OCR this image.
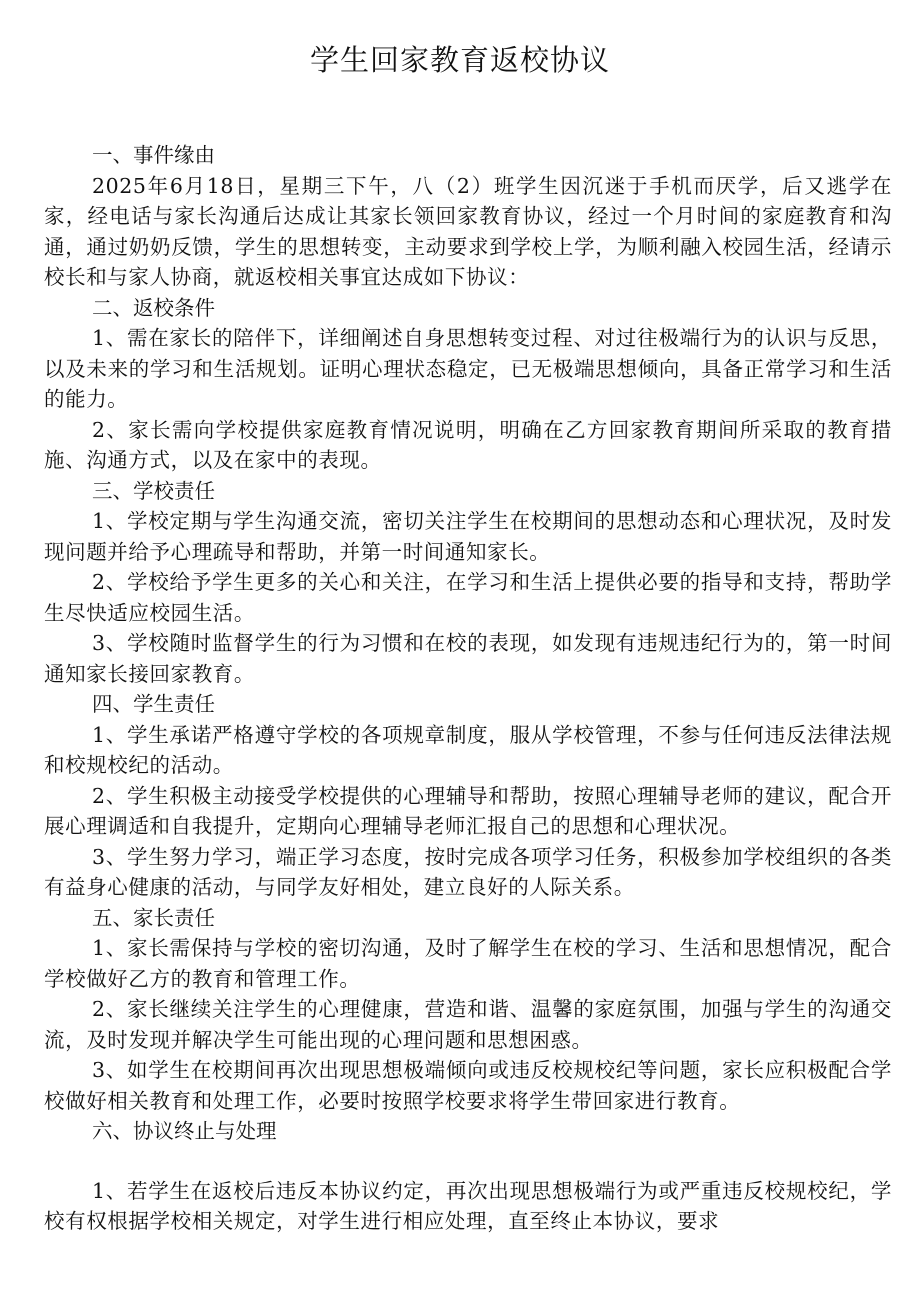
学生回家教育返校协议

一、事件缘由

2025年6月18日，星期三下午，八（2）班学生因沉迷于手机而厌学，后又逃学在家，经电话与家长沟通后达成让其家长领回家教育协议，经过一个月时间的家庭教育和沟通，通过奶奶反馈，学生的思想转变，主动要求到学校上学，为顺利融入校园生活，经请示校长和与家人协商，就返校相关事宜达成如下协议：

二、返校条件

1、需在家长的陪伴下，详细阐述自身思想转变过程、对过往极端行为的认识与反思，以及未来的学习和生活规划。证明心理状态稳定，已无极端思想倾向，具备正常学习和生活的能力。

2、家长需向学校提供家庭教育情况说明，明确在乙方回家教育期间所采取的教育措施、沟通方式，以及在家中的表现。

三、学校责任

1、学校定期与学生沟通交流，密切关注学生在校期间的思想动态和心理状况，及时发现问题并给予心理疏导和帮助，并第一时间通知家长。

2、学校给予学生更多的关心和关注，在学习和生活上提供必要的指导和支持，帮助学生尽快适应校园生活。

3、学校随时监督学生的行为习惯和在校的表现，如发现有违规违纪行为的，第一时间通知家长接回家教育。

四、学生责任

1、学生承诺严格遵守学校的各项规章制度，服从学校管理，不参与任何违反法律法规和校规校纪的活动。

2、学生积极主动接受学校提供的心理辅导和帮助，按照心理辅导老师的建议，配合开展心理调适和自我提升，定期向心理辅导老师汇报自己的思想和心理状况。

3、学生努力学习，端正学习态度，按时完成各项学习任务，积极参加学校组织的各类有益身心健康的活动，与同学友好相处，建立良好的人际关系。

五、家长责任

1、家长需保持与学校的密切沟通，及时了解学生在校的学习、生活和思想情况，配合学校做好乙方的教育和管理工作。

2、家长继续关注学生的心理健康，营造和谐、温馨的家庭氛围，加强与学生的沟通交流，及时发现并解决学生可能出现的心理问题和思想困惑。

3、如学生在校期间再次出现思想极端倾向或违反校规校纪等问题，家长应积极配合学校做好相关教育和处理工作，必要时按照学校要求将学生带回家进行教育。

六、协议终止与处理

1、若学生在返校后违反本协议约定，再次出现思想极端行为或严重违反校规校纪，学校有权根据学校相关规定，对学生进行相应处理，直至终止本协议，要求
